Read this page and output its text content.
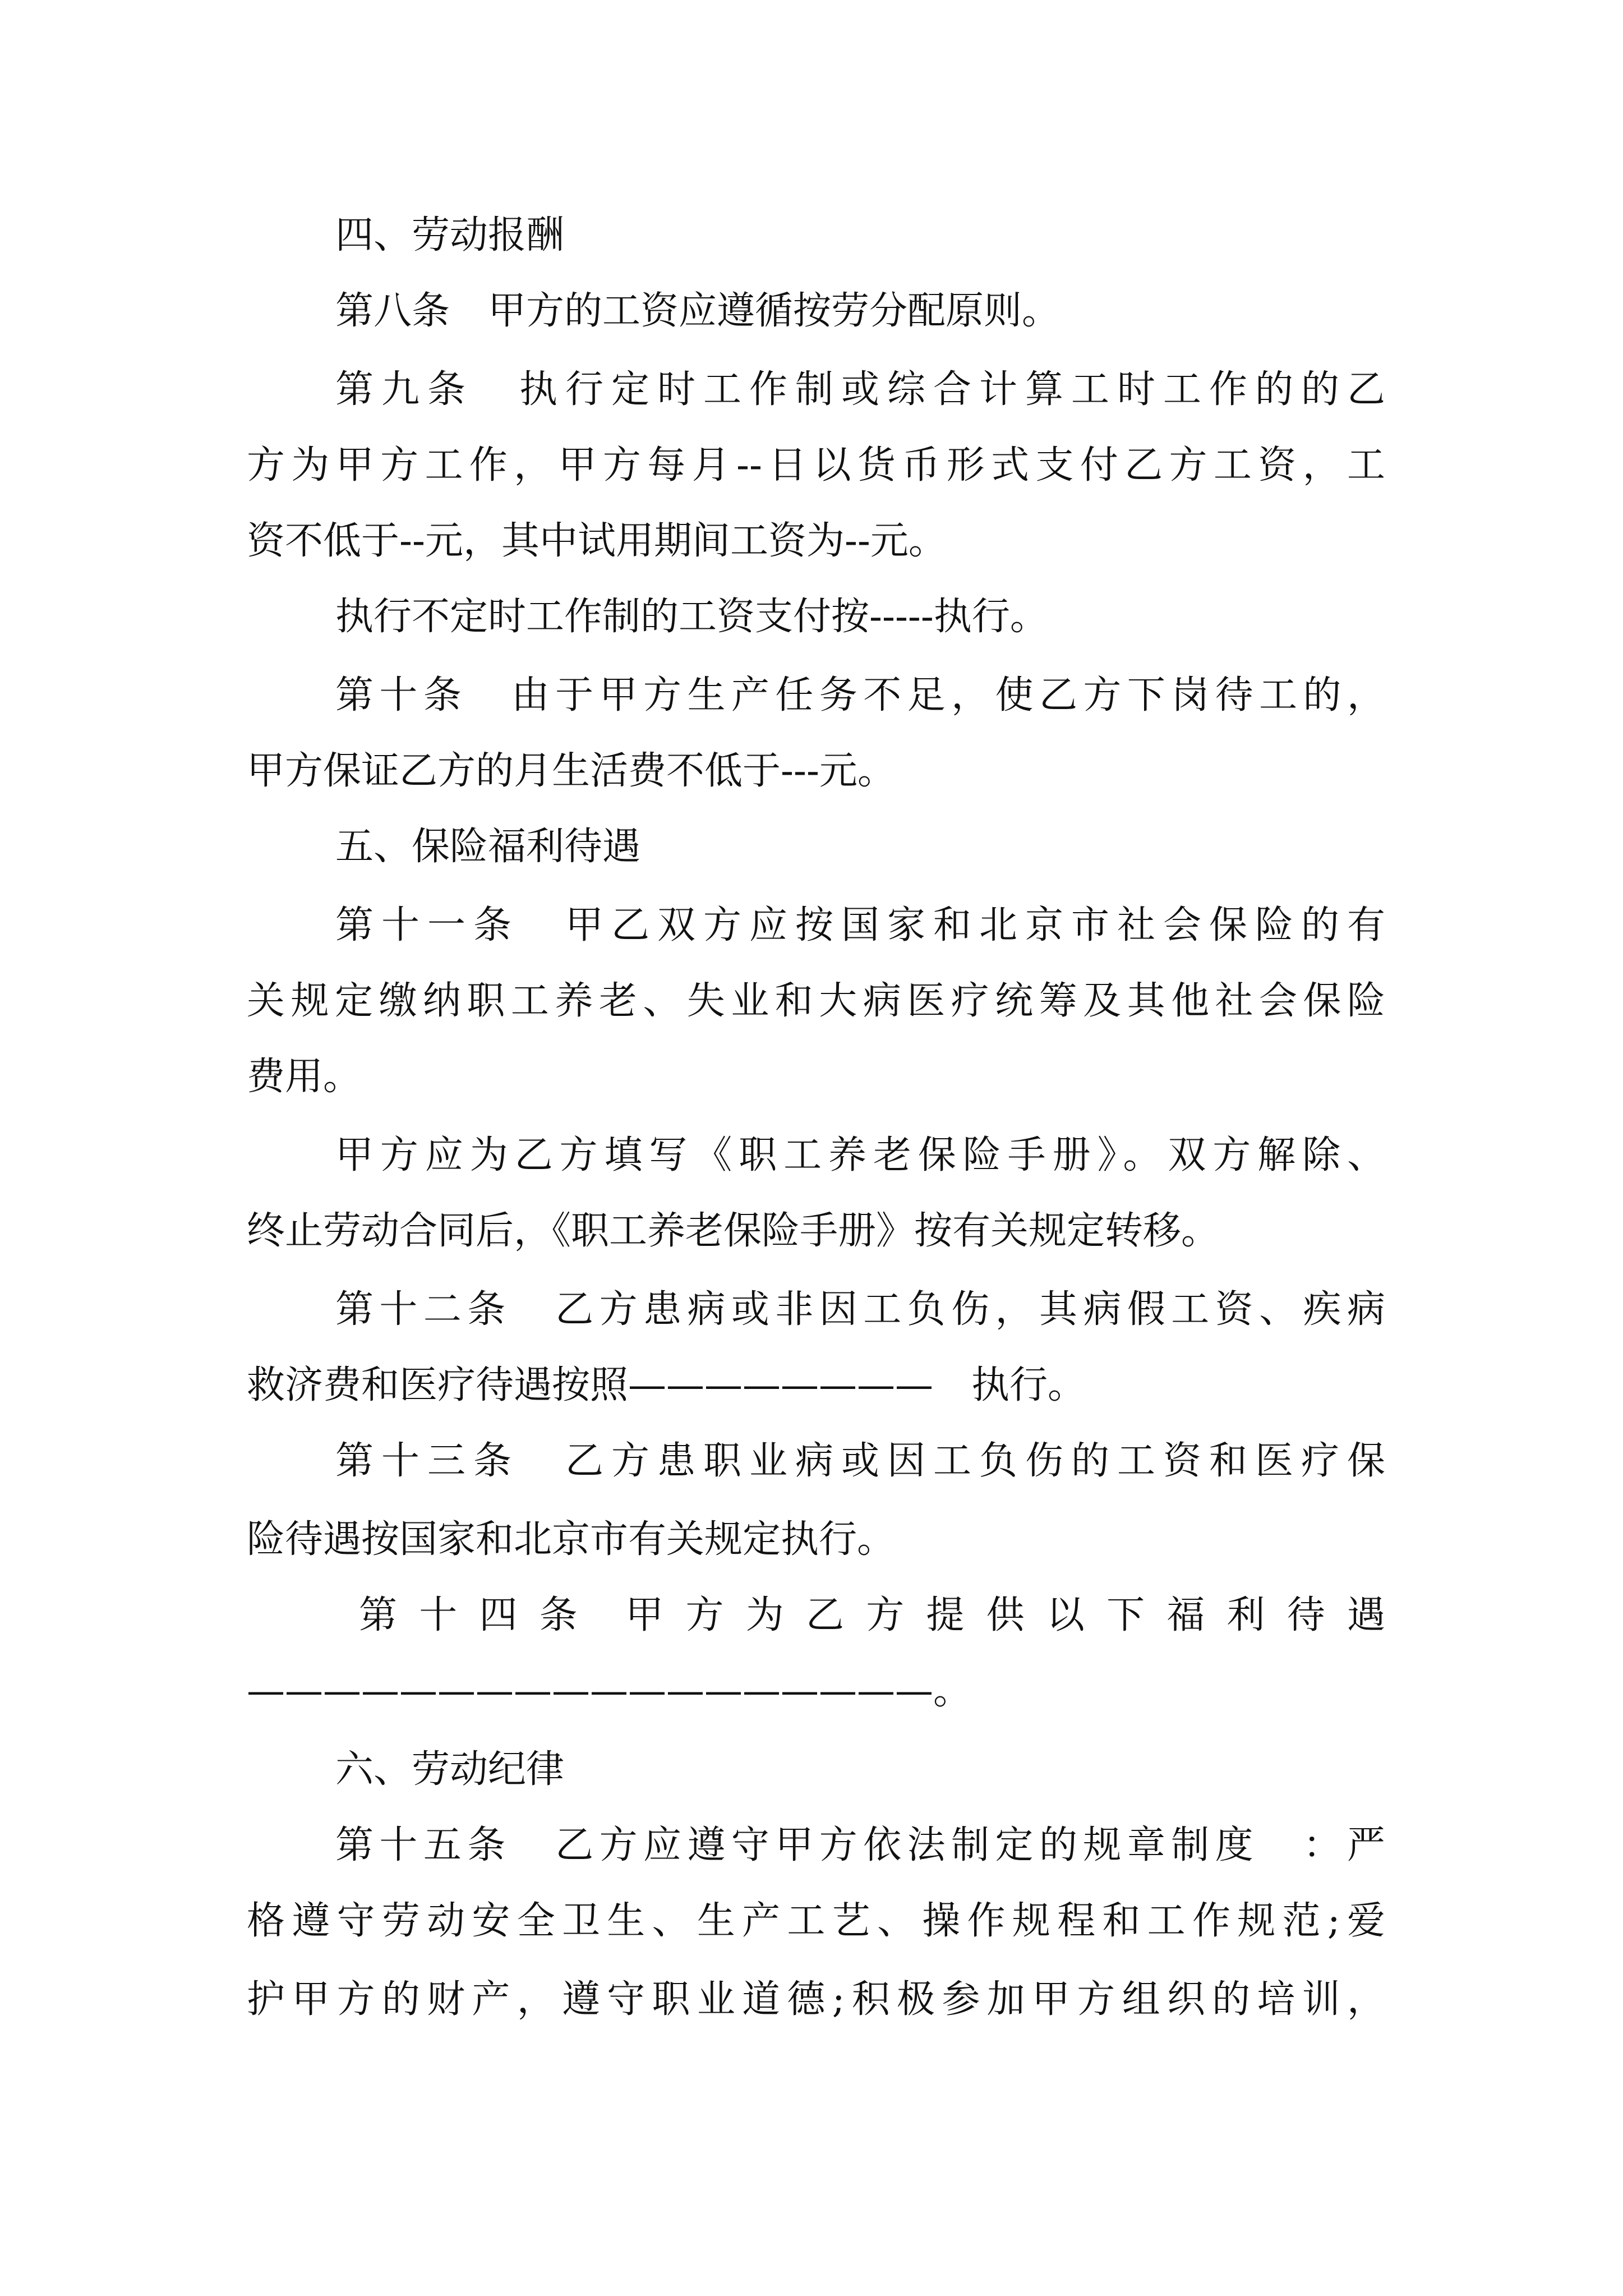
四、劳动报酬
第八条　甲方的工资应遵循按劳分配原则。
第九条　执行定时工作制或综合计算工时工作的的乙
方为甲方工作，甲方每月--日以货币形式支付乙方工资，工
资不低于--元，其中试用期间工资为--元。
执行不定时工作制的工资支付按-----执行。
第十条　由于甲方生产任务不足，使乙方下岗待工的，
甲方保证乙方的月生活费不低于---元。
五、保险福利待遇
第十一条　甲乙双方应按国家和北京市社会保险的有
关规定缴纳职工养老、失业和大病医疗统筹及其他社会保险
费用。
甲方应为乙方填写《职工养老保险手册》。双方解除、
终止劳动合同后，《职工养老保险手册》按有关规定转移。
第十二条　乙方患病或非因工负伤，其病假工资、疾病
救济费和医疗待遇按照————————　执行。
第十三条　乙方患职业病或因工负伤的工资和医疗保
险待遇按国家和北京市有关规定执行。
第 十 四 条　甲 方 为 乙 方 提 供 以 下 福 利 待 遇
——————————————————。
六、劳动纪律
第十五条　乙方应遵守甲方依法制定的规章制度　：严
格遵守劳动安全卫生、生产工艺、操作规程和工作规范;爱
护甲方的财产，遵守职业道德;积极参加甲方组织的培训，
